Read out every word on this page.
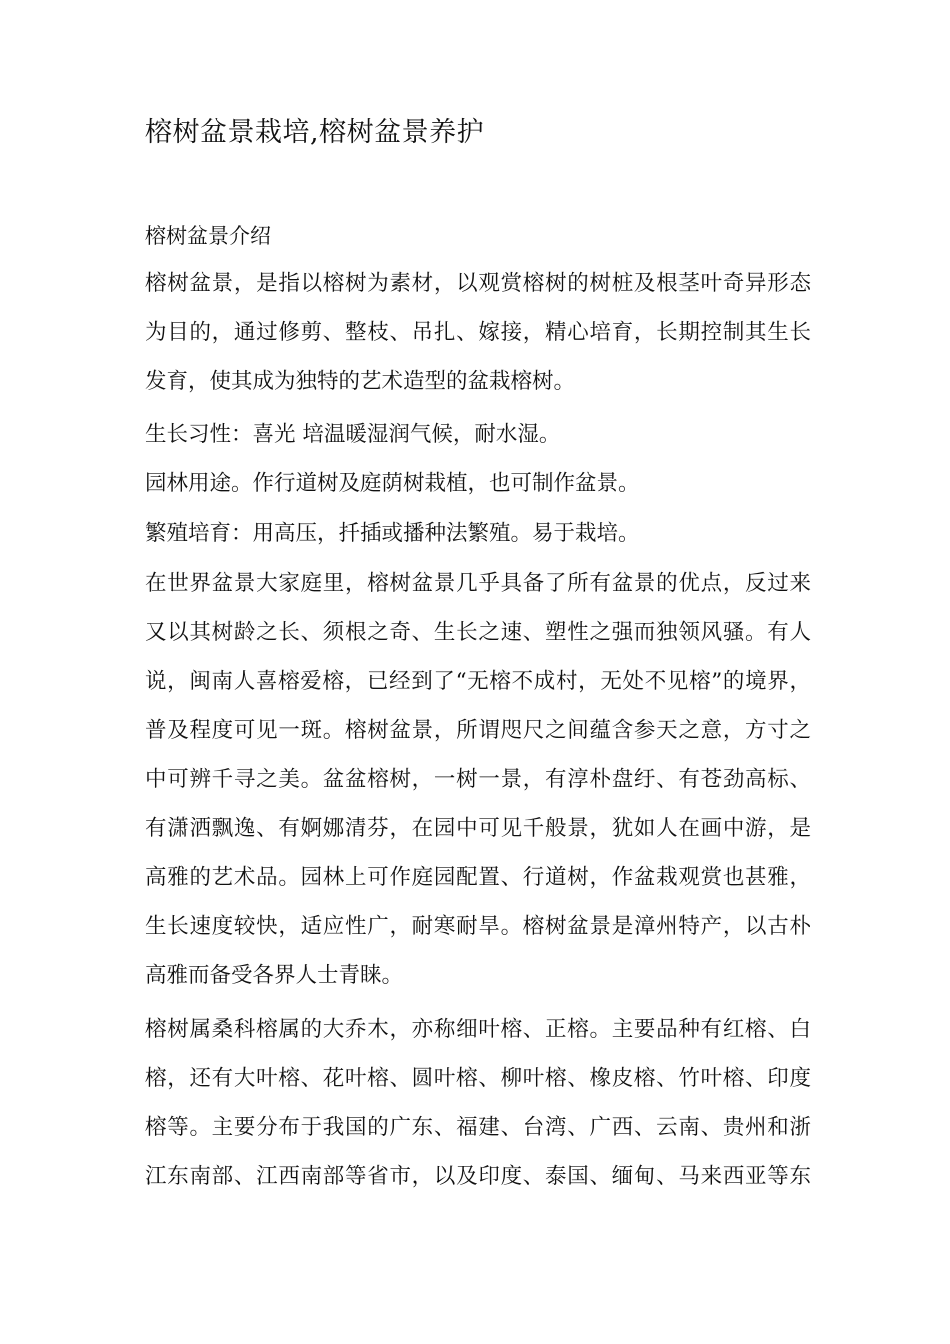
榕树盆景栽培,榕树盆景养护
榕树盆景介绍
榕树盆景，是指以榕树为素材，以观赏榕树的树桩及根茎叶奇异形态
为目的，通过修剪、整枝、吊扎、嫁接，精心培育，长期控制其生长
发育，使其成为独特的艺术造型的盆栽榕树。
生长习性：喜光 培温暖湿润气候，耐水湿。
园林用途。作行道树及庭荫树栽植，也可制作盆景。
繁殖培育：用高压，扦插或播种法繁殖。易于栽培。
在世界盆景大家庭里，榕树盆景几乎具备了所有盆景的优点，反过来
又以其树龄之长、须根之奇、生长之速、塑性之强而独领风骚。有人
说，闽南人喜榕爱榕，已经到了“无榕不成村，无处不见榕”的境界，
普及程度可见一斑。榕树盆景，所谓咫尺之间蕴含参天之意，方寸之
中可辨千寻之美。盆盆榕树，一树一景，有淳朴盘纡、有苍劲高标、
有潇洒飘逸、有婀娜清芬，在园中可见千般景，犹如人在画中游，是
高雅的艺术品。园林上可作庭园配置、行道树，作盆栽观赏也甚雅，
生长速度较快，适应性广，耐寒耐旱。榕树盆景是漳州特产，以古朴
高雅而备受各界人士青睐。
榕树属桑科榕属的大乔木，亦称细叶榕、正榕。主要品种有红榕、白
榕，还有大叶榕、花叶榕、圆叶榕、柳叶榕、橡皮榕、竹叶榕、印度
榕等。主要分布于我国的广东、福建、台湾、广西、云南、贵州和浙
江东南部、江西南部等省市，以及印度、泰国、缅甸、马来西亚等东
